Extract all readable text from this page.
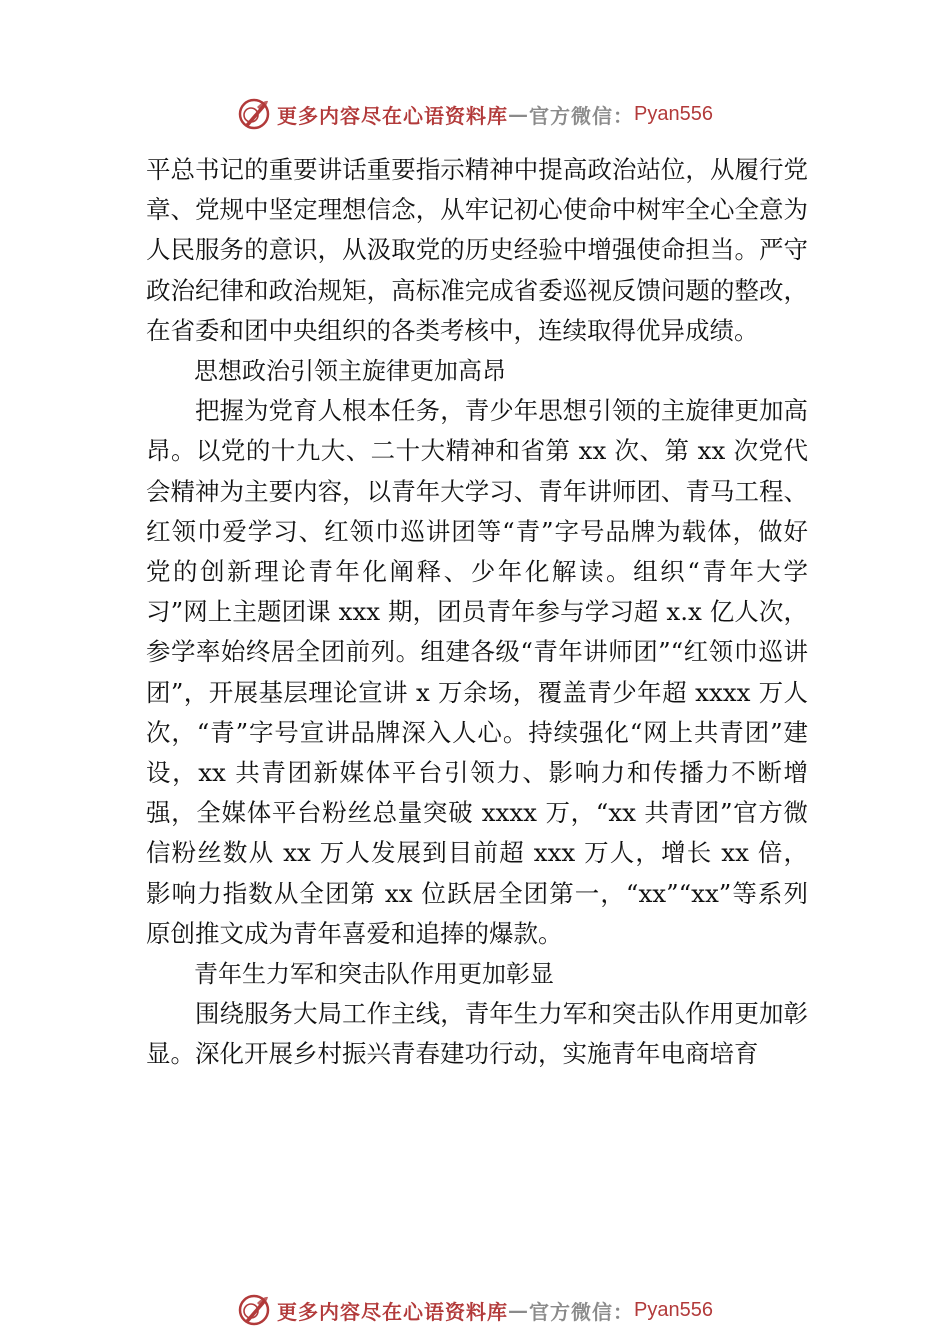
更多内容尽在心语资料库 — 官方微信： Pyan556

平总书记的重要讲话重要指示精神中提高政治站位，从履行党章、党规中坚定理想信念，从牢记初心使命中树牢全心全意为人民服务的意识，从汲取党的历史经验中增强使命担当。严守政治纪律和政治规矩，高标准完成省委巡视反馈问题的整改，在省委和团中央组织的各类考核中，连续取得优异成绩。

思想政治引领主旋律更加高昂

把握为党育人根本任务，青少年思想引领的主旋律更加高昂。以党的十九大、二十大精神和省第 xx 次、第 xx 次党代会精神为主要内容，以青年大学习、青年讲师团、青马工程、红领巾爱学习、红领巾巡讲团等“青”字号品牌为载体，做好党的创新理论青年化阐释、少年化解读。组织“青年大学习”网上主题团课 xxx 期，团员青年参与学习超 x.x 亿人次，参学率始终居全团前列。组建各级“青年讲师团”“红领巾巡讲团”，开展基层理论宣讲 x 万余场，覆盖青少年超 xxxx 万人次，“青”字号宣讲品牌深入人心。持续强化“网上共青团”建设，xx 共青团新媒体平台引领力、影响力和传播力不断增强，全媒体平台粉丝总量突破 xxxx 万，“xx 共青团”官方微信粉丝数从 xx 万人发展到目前超 xxx 万人，增长 xx 倍， 影响力指数从全团第 xx 位跃居全团第一，“xx”“xx”等系列原创推文成为青年喜爱和追捧的爆款。

青年生力军和突击队作用更加彰显

围绕服务大局工作主线，青年生力军和突击队作用更加彰显。深化开展乡村振兴青春建功行动，实施青年电商培育

更多内容尽在心语资料库 — 官方微信： Pyan556
